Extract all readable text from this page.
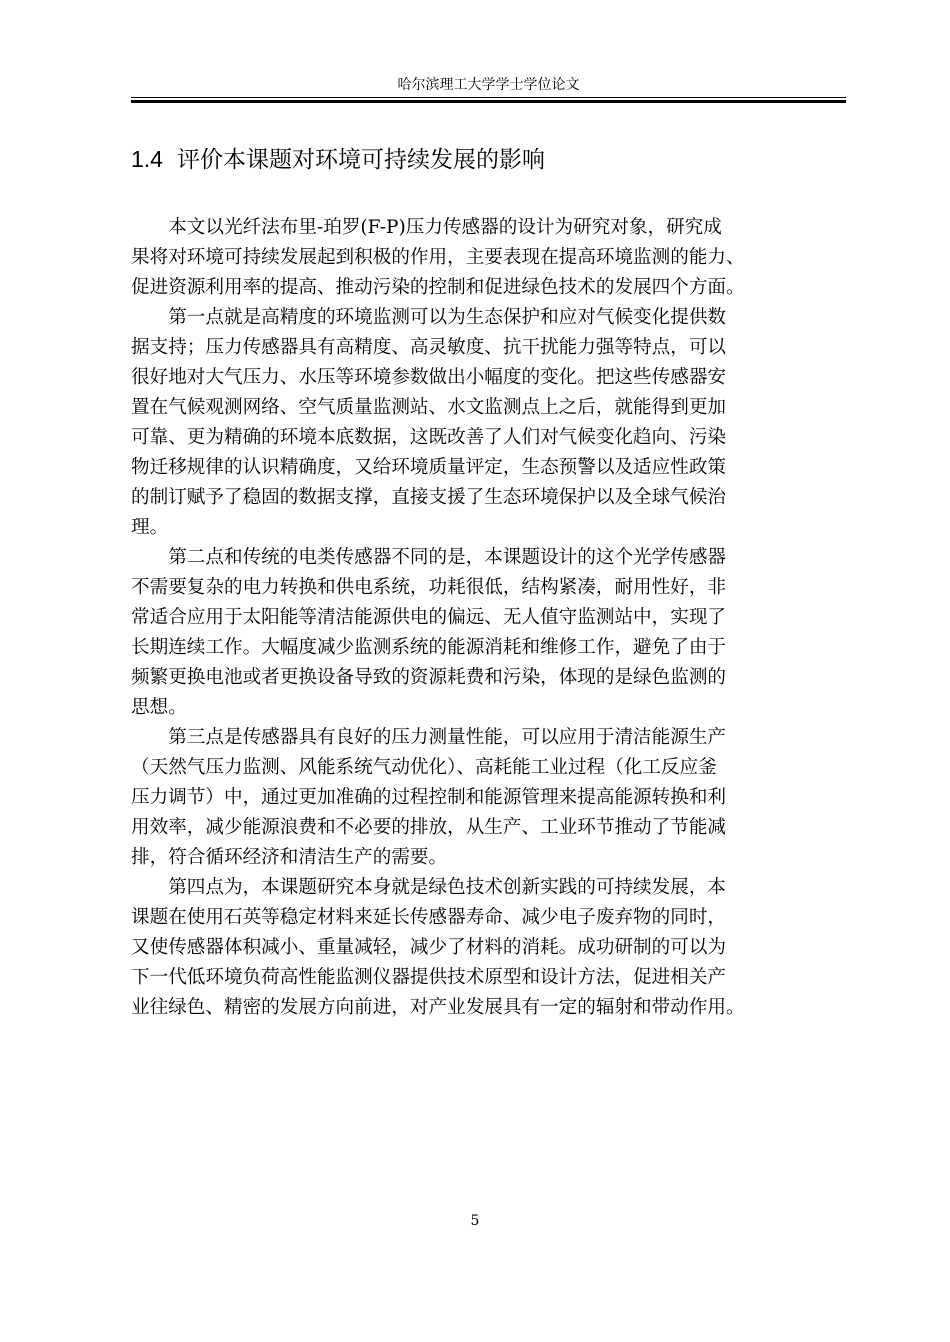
哈尔滨理工大学学士学位论文
1.4 评价本课题对环境可持续发展的影响

本文以光纤法布里-珀罗(F-P)压力传感器的设计为研究对象，研究成
果将对环境可持续发展起到积极的作用，主要表现在提高环境监测的能力、
促进资源利用率的提高、推动污染的控制和促进绿色技术的发展四个方面。

第一点就是高精度的环境监测可以为生态保护和应对气候变化提供数
据支持；压力传感器具有高精度、高灵敏度、抗干扰能力强等特点，可以
很好地对大气压力、水压等环境参数做出小幅度的变化。把这些传感器安
置在气候观测网络、空气质量监测站、水文监测点上之后，就能得到更加
可靠、更为精确的环境本底数据，这既改善了人们对气候变化趋向、污染
物迁移规律的认识精确度，又给环境质量评定，生态预警以及适应性政策
的制订赋予了稳固的数据支撑，直接支援了生态环境保护以及全球气候治
理。

第二点和传统的电类传感器不同的是，本课题设计的这个光学传感器
不需要复杂的电力转换和供电系统，功耗很低，结构紧凑，耐用性好，非
常适合应用于太阳能等清洁能源供电的偏远、无人值守监测站中，实现了
长期连续工作。大幅度减少监测系统的能源消耗和维修工作，避免了由于
频繁更换电池或者更换设备导致的资源耗费和污染，体现的是绿色监测的
思想。

第三点是传感器具有良好的压力测量性能，可以应用于清洁能源生产
（天然气压力监测、风能系统气动优化）、高耗能工业过程（化工反应釜
压力调节）中，通过更加准确的过程控制和能源管理来提高能源转换和利
用效率，减少能源浪费和不必要的排放，从生产、工业环节推动了节能减
排，符合循环经济和清洁生产的需要。

第四点为，本课题研究本身就是绿色技术创新实践的可持续发展，本
课题在使用石英等稳定材料来延长传感器寿命、减少电子废弃物的同时，
又使传感器体积减小、重量减轻，减少了材料的消耗。成功研制的可以为
下一代低环境负荷高性能监测仪器提供技术原型和设计方法，促进相关产
业往绿色、精密的发展方向前进，对产业发展具有一定的辐射和带动作用。

5
